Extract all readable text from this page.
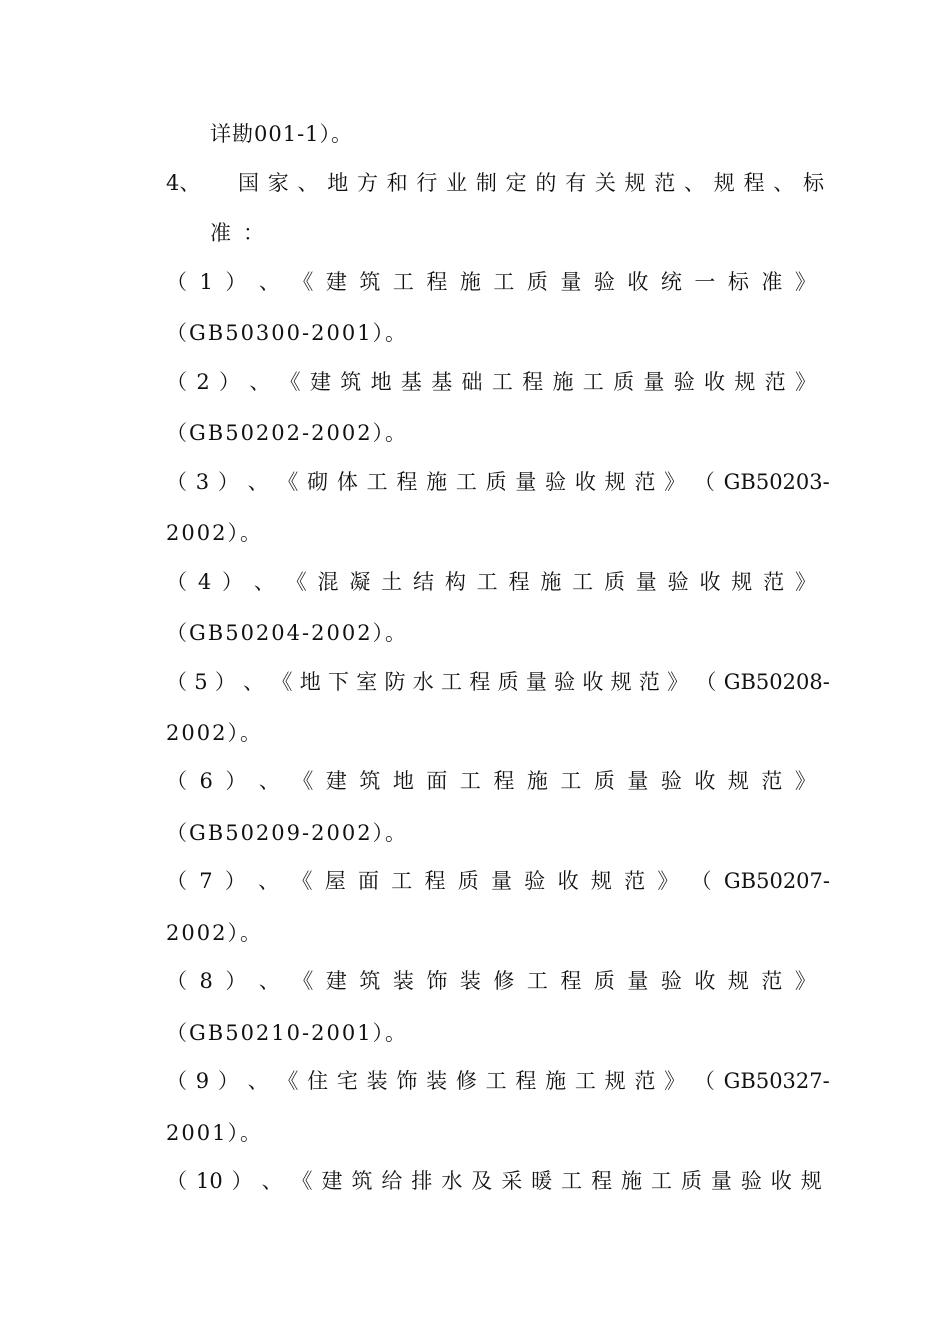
详勘001-1）。

4、 国 家 、 地 方 和 行 业 制 定 的 有 关 规 范 、 规 程 、 标

准：

（ 1 ） 、 《 建 筑 工 程 施 工 质 量 验 收 统 一 标 准 》

（GB50300-2001）。

（ 2 ） 、 《 建 筑 地 基 基 础 工 程 施 工 质 量 验 收 规 范 》

（GB50202-2002）。

（ 3 ） 、 《 砌 体 工 程 施 工 质 量 验 收 规 范 》 （ GB50203-

2002）。

（ 4 ） 、 《 混 凝 土 结 构 工 程 施 工 质 量 验 收 规 范 》

（GB50204-2002）。

（ 5 ） 、 《 地 下 室 防 水 工 程 质 量 验 收 规 范 》 （ GB50208-

2002）。

（ 6 ） 、 《 建 筑 地 面 工 程 施 工 质 量 验 收 规 范 》

（GB50209-2002）。

（ 7 ） 、 《 屋 面 工 程 质 量 验 收 规 范 》 （ GB50207-

2002）。

（ 8 ） 、 《 建 筑 装 饰 装 修 工 程 质 量 验 收 规 范 》

（GB50210-2001）。

（ 9 ） 、 《 住 宅 装 饰 装 修 工 程 施 工 规 范 》 （ GB50327-

2001）。

（ 10 ） 、 《 建 筑 给 排 水 及 采 暖 工 程 施 工 质 量 验 收 规
